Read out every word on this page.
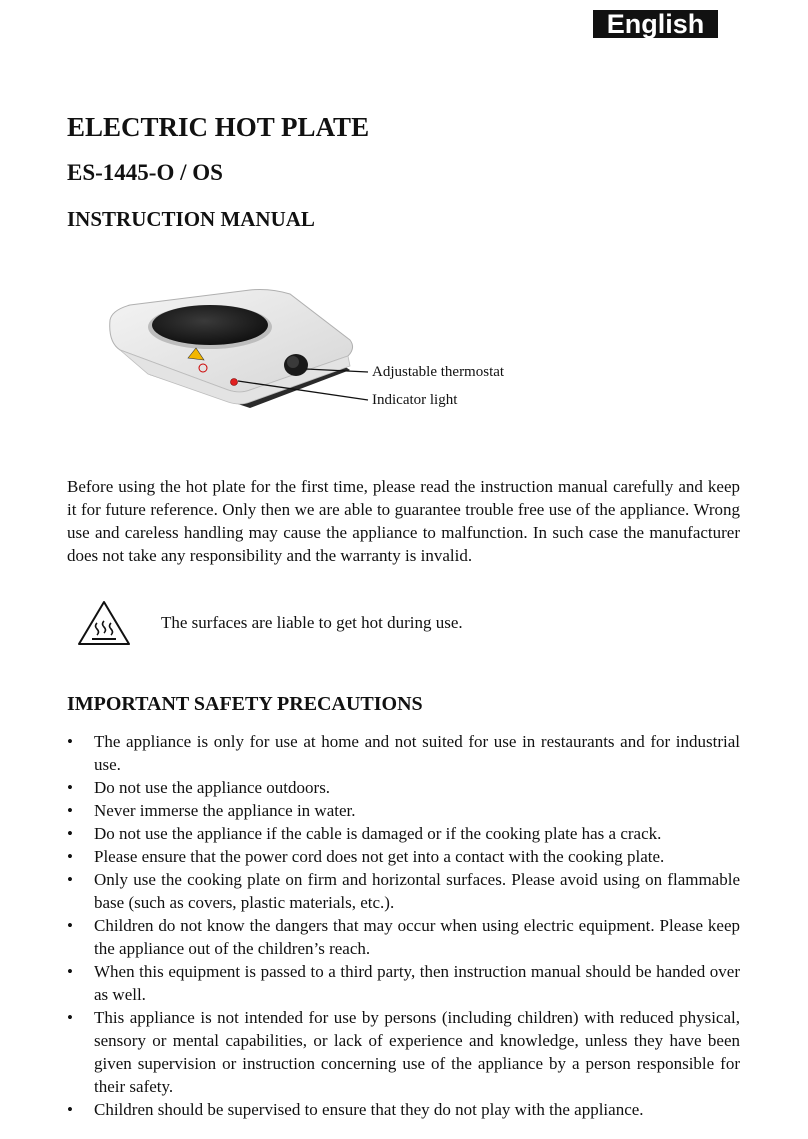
English
ELECTRIC HOT PLATE
ES-1445-O / OS
INSTRUCTION MANUAL
Adjustable thermostat
Indicator light

Before using the hot plate for the first time, please read the instruction manual carefully and keep it for future reference. Only then we are able to guarantee trouble free use of the appliance. Wrong use and careless handling may cause the appliance to malfunction. In such case the manufacturer does not take any responsibility and the warranty is invalid.

The surfaces are liable to get hot during use.

IMPORTANT SAFETY PRECAUTIONS
• The appliance is only for use at home and not suited for use in restaurants and for industrial use.
• Do not use the appliance outdoors.
• Never immerse the appliance in water.
• Do not use the appliance if the cable is damaged or if the cooking plate has a crack.
• Please ensure that the power cord does not get into a contact with the cooking plate.
• Only use the cooking plate on firm and horizontal surfaces. Please avoid using on flammable base (such as covers, plastic materials, etc.).
• Children do not know the dangers that may occur when using electric equipment. Please keep the appliance out of the children’s reach.
• When this equipment is passed to a third party, then instruction manual should be handed over as well.
• This appliance is not intended for use by persons (including children) with reduced physical, sensory or mental capabilities, or lack of experience and knowledge, unless they have been given supervision or instruction concerning use of the appliance by a person responsible for their safety.
• Children should be supervised to ensure that they do not play with the appliance.
